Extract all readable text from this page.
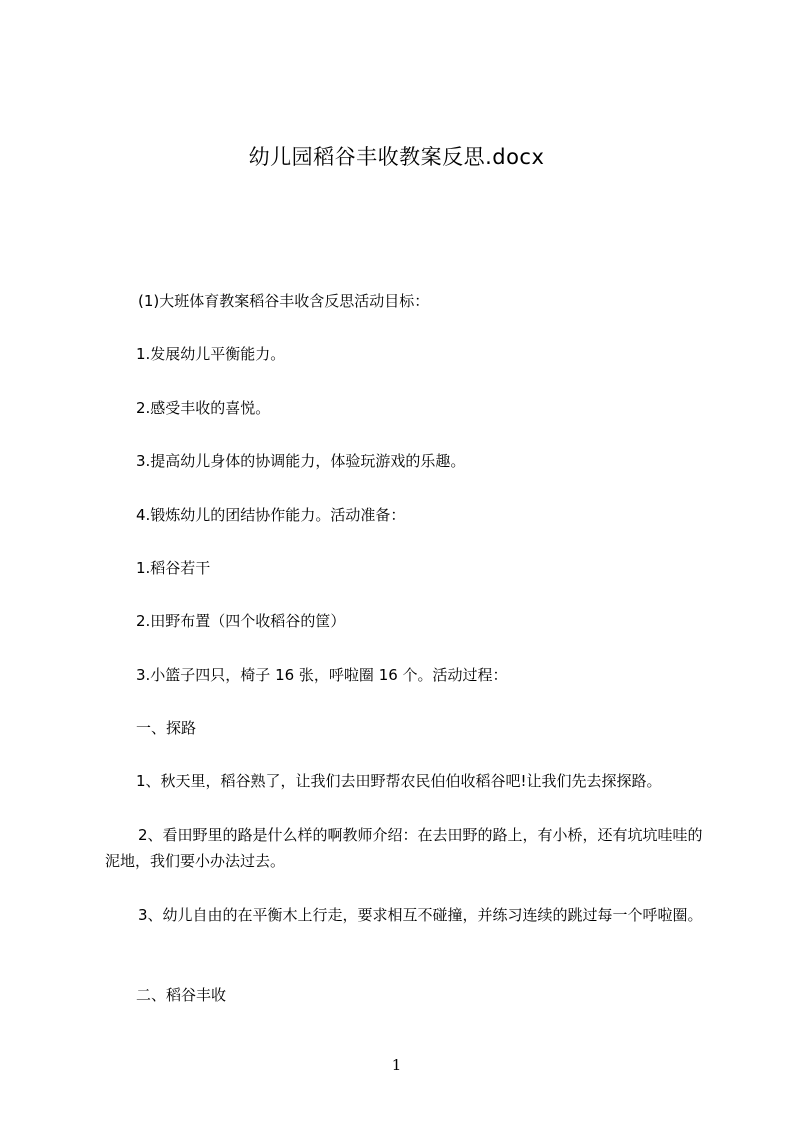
幼儿园稻谷丰收教案反思.docx
(1)大班体育教案稻谷丰收含反思活动目标：
1.发展幼儿平衡能力。
2.感受丰收的喜悦。
3.提高幼儿身体的协调能力，体验玩游戏的乐趣。
4.锻炼幼儿的团结协作能力。活动准备：
1.稻谷若干
2.田野布置（四个收稻谷的筐）
3.小篮子四只，椅子 16 张，呼啦圈 16 个。活动过程：
一、探路
1、秋天里，稻谷熟了，让我们去田野帮农民伯伯收稻谷吧!让我们先去探探路。
2、看田野里的路是什么样的啊教师介绍：在去田野的路上，有小桥，还有坑坑哇哇的泥地，我们要小办法过去。
3、幼儿自由的在平衡木上行走，要求相互不碰撞，并练习连续的跳过每一个呼啦圈。
二、稻谷丰收
1
